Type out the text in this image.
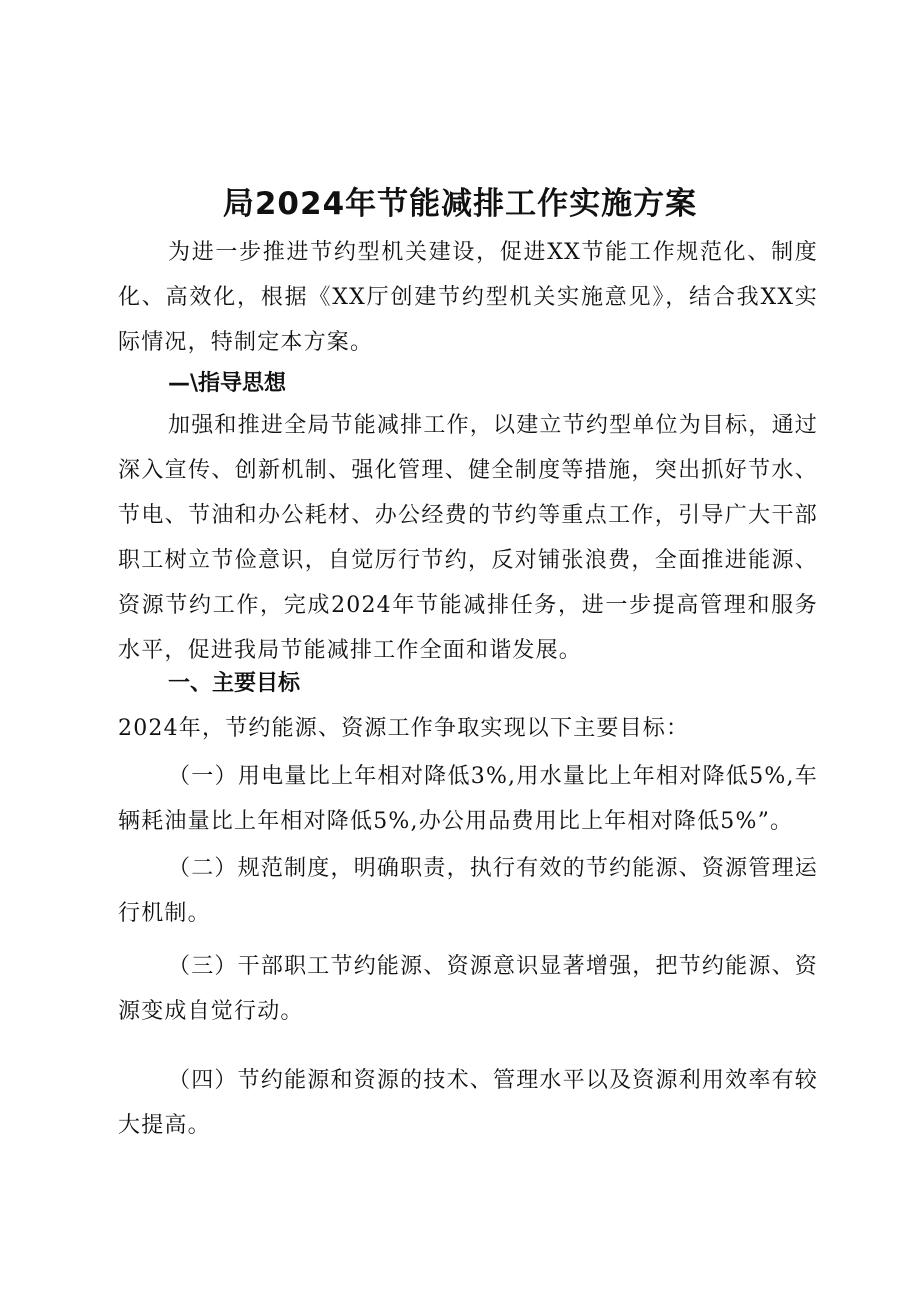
局2024年节能减排工作实施方案

为进一步推进节约型机关建设，促进XX节能工作规范化、制度化、高效化，根据《XX厅创建节约型机关实施意见》，结合我XX实际情况，特制定本方案。

—\指导思想

加强和推进全局节能减排工作，以建立节约型单位为目标，通过深入宣传、创新机制、强化管理、健全制度等措施，突出抓好节水、节电、节油和办公耗材、办公经费的节约等重点工作，引导广大干部职工树立节俭意识，自觉厉行节约，反对铺张浪费，全面推进能源、资源节约工作，完成2024年节能减排任务，进一步提高管理和服务水平，促进我局节能减排工作全面和谐发展。

一、主要目标

2024年，节约能源、资源工作争取实现以下主要目标：

（一）用电量比上年相对降低3%,用水量比上年相对降低5%,车辆耗油量比上年相对降低5%,办公用品费用比上年相对降低5%”。

（二）规范制度，明确职责，执行有效的节约能源、资源管理运行机制。

（三）干部职工节约能源、资源意识显著增强，把节约能源、资源变成自觉行动。

（四）节约能源和资源的技术、管理水平以及资源利用效率有较大提高。
